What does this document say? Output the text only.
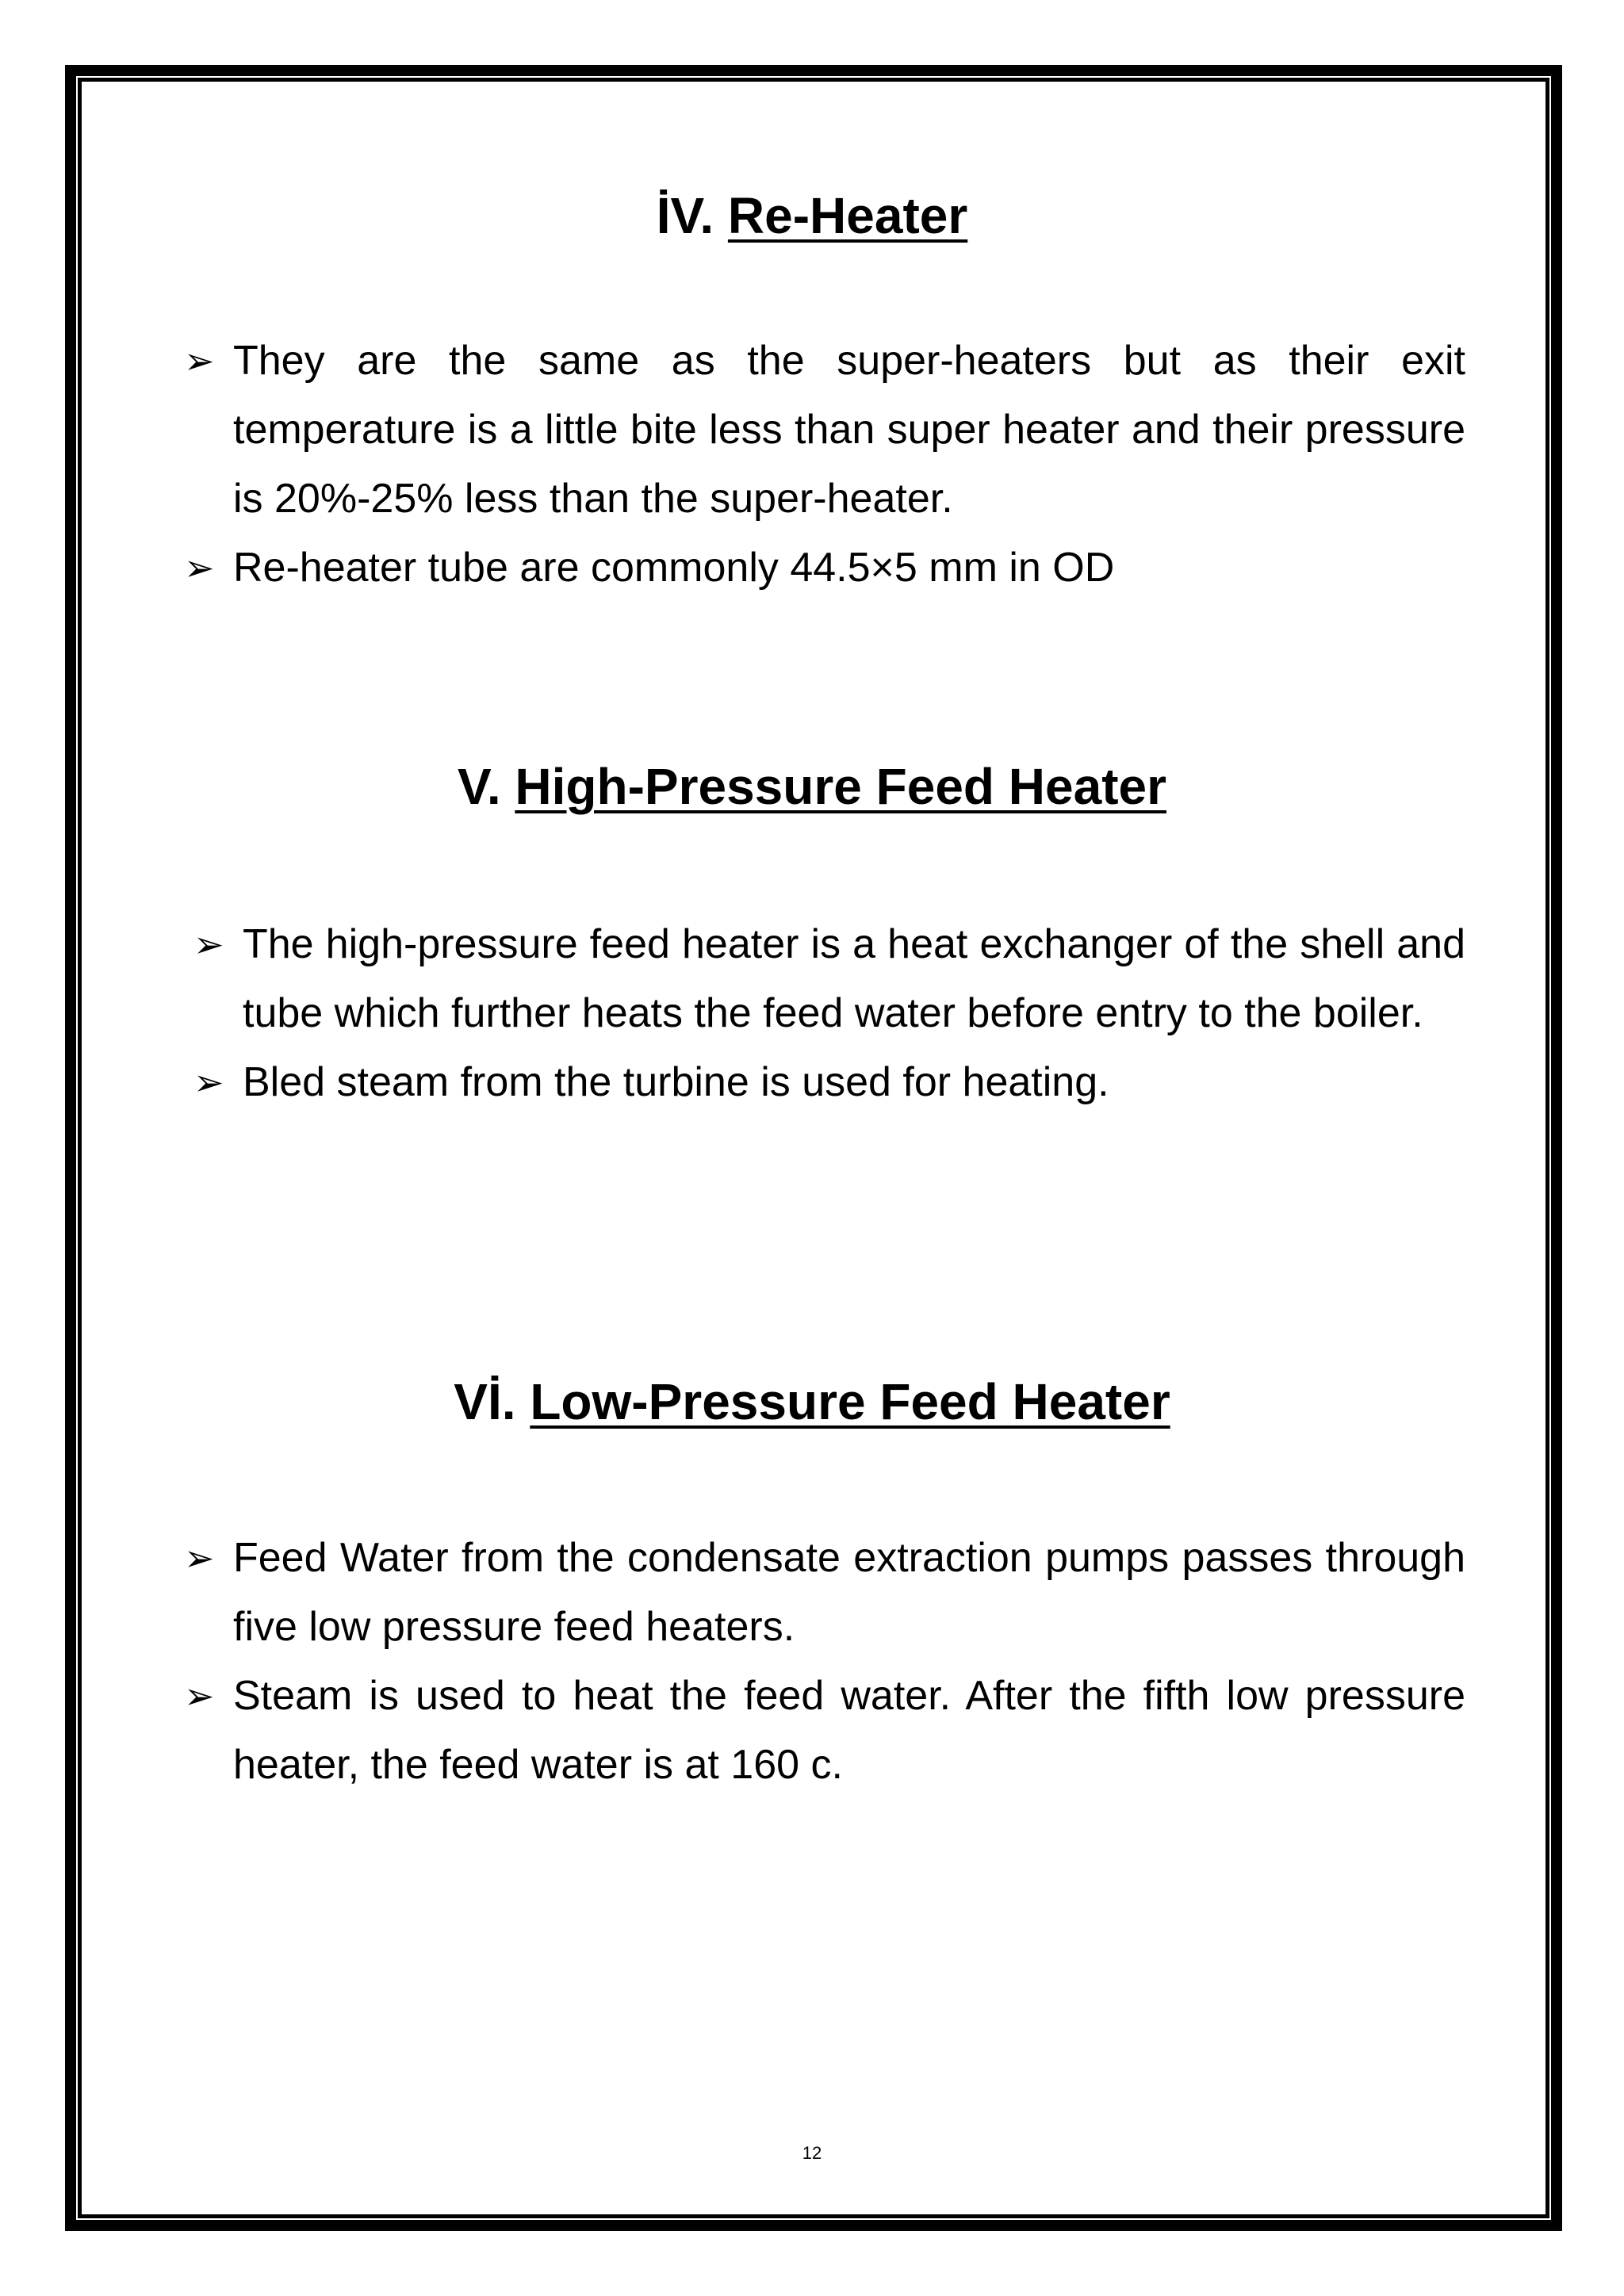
İV. Re-Heater
➢ They are the same as the super-heaters but as their exit temperature is a little bite less than super heater and their pressure is 20%-25% less than the super-heater.
➢ Re-heater tube are commonly 44.5×5 mm in OD
V. High-Pressure Feed Heater
➢ The high-pressure feed heater is a heat exchanger of the shell and tube which further heats the feed water before entry to the boiler.
➢ Bled steam from the turbine is used for heating.
Vİ. Low-Pressure Feed Heater
➢ Feed Water from the condensate extraction pumps passes through five low pressure feed heaters.
➢ Steam is used to heat the feed water. After the fifth low pressure heater, the feed water is at 160 c.
12
